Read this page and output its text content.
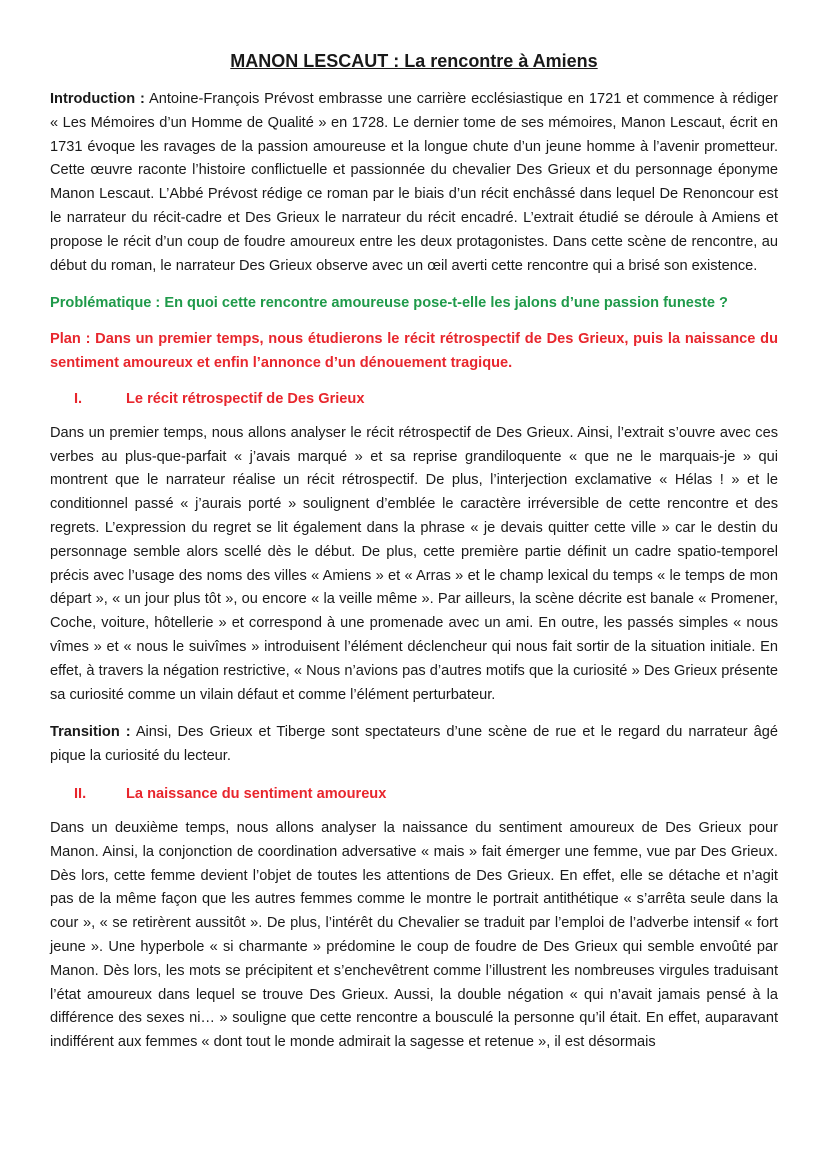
MANON LESCAUT : La rencontre à Amiens

Introduction : Antoine-François Prévost embrasse une carrière ecclésiastique en 1721 et commence à rédiger « Les Mémoires d’un Homme de Qualité » en 1728. Le dernier tome de ses mémoires, Manon Lescaut, écrit en 1731 évoque les ravages de la passion amoureuse et la longue chute d’un jeune homme à l’avenir prometteur. Cette œuvre raconte l’histoire conflictuelle et passionnée du chevalier Des Grieux et du personnage éponyme Manon Lescaut. L’Abbé Prévost rédige ce roman par le biais d’un récit enchâssé dans lequel De Renoncour est le narrateur du récit-cadre et Des Grieux le narrateur du récit encadré. L’extrait étudié se déroule à Amiens et propose le récit d’un coup de foudre amoureux entre les deux protagonistes. Dans cette scène de rencontre, au début du roman, le narrateur Des Grieux observe avec un œil averti cette rencontre qui a brisé son existence.

Problématique : En quoi cette rencontre amoureuse pose-t-elle les jalons d’une passion funeste ?

Plan : Dans un premier temps, nous étudierons le récit rétrospectif de Des Grieux, puis la naissance du sentiment amoureux et enfin l’annonce d’un dénouement tragique.

I.	Le récit rétrospectif de Des Grieux

Dans un premier temps, nous allons analyser le récit rétrospectif de Des Grieux. Ainsi, l’extrait s’ouvre avec ces verbes au plus-que-parfait « j’avais marqué » et sa reprise grandiloquente « que ne le marquais-je » qui montrent que le narrateur réalise un récit rétrospectif. De plus, l’interjection exclamative « Hélas ! » et le conditionnel passé « j’aurais porté » soulignent d’emblée le caractère irréversible de cette rencontre et des regrets. L’expression du regret se lit également dans la phrase « je devais quitter cette ville » car le destin du personnage semble alors scellé dès le début. De plus, cette première partie définit un cadre spatio-temporel précis avec l’usage des noms des villes « Amiens » et « Arras » et le champ lexical du temps « le temps de mon départ », « un jour plus tôt », ou encore « la veille même ». Par ailleurs, la scène décrite est banale « Promener, Coche, voiture, hôtellerie » et correspond à une promenade avec un ami. En outre, les passés simples « nous vîmes » et « nous le suivîmes » introduisent l’élément déclencheur qui nous fait sortir de la situation initiale. En effet, à travers la négation restrictive, « Nous n’avions pas d’autres motifs que la curiosité » Des Grieux présente sa curiosité comme un vilain défaut et comme l’élément perturbateur.

Transition : Ainsi, Des Grieux et Tiberge sont spectateurs d’une scène de rue et le regard du narrateur âgé pique la curiosité du lecteur.

II.	La naissance du sentiment amoureux

Dans un deuxième temps, nous allons analyser la naissance du sentiment amoureux de Des Grieux pour Manon. Ainsi, la conjonction de coordination adversative « mais » fait émerger une femme, vue par Des Grieux. Dès lors, cette femme devient l’objet de toutes les attentions de Des Grieux. En effet, elle se détache et n’agit pas de la même façon que les autres femmes comme le montre le portrait antithétique « s’arrêta seule dans la cour », « se retirèrent aussitôt ». De plus, l’intérêt du Chevalier se traduit par l’emploi de l’adverbe intensif « fort jeune ». Une hyperbole « si charmante » prédomine le coup de foudre de Des Grieux qui semble envoûté par Manon. Dès lors, les mots se précipitent et s’enchevêtrent comme l’illustrent les nombreuses virgules traduisant l’état amoureux dans lequel se trouve Des Grieux. Aussi, la double négation « qui n’avait jamais pensé à la différence des sexes ni… » souligne que cette rencontre a bousculé la personne qu’il était. En effet, auparavant indifférent aux femmes « dont tout le monde admirait la sagesse et retenue », il est désormais
